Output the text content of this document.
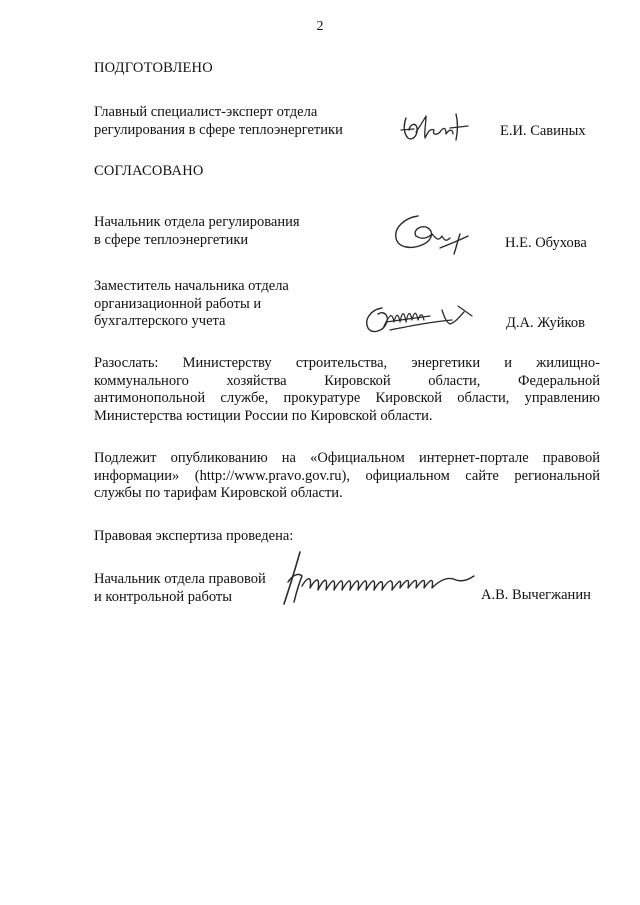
2
ПОДГОТОВЛЕНО
Главный специалист-эксперт отдела
регулирования в сфере теплоэнергетики	Е.И. Савиных
СОГЛАСОВАНО
Начальник отдела регулирования
в сфере теплоэнергетики	Н.Е. Обухова
Заместитель начальника отдела
организационной работы и
бухгалтерского учета	Д.А. Жуйков
Разослать: Министерству строительства, энергетики и жилищно-
коммунального хозяйства Кировской области, Федеральной
антимонопольной службе, прокуратуре Кировской области, управлению
Министерства юстиции России по Кировской области.
Подлежит опубликованию на «Официальном интернет-портале правовой
информации» (http://www.pravo.gov.ru), официальном сайте региональной
службы по тарифам Кировской области.
Правовая экспертиза проведена:
Начальник отдела правовой
и контрольной работы	А.В. Вычегжанин
